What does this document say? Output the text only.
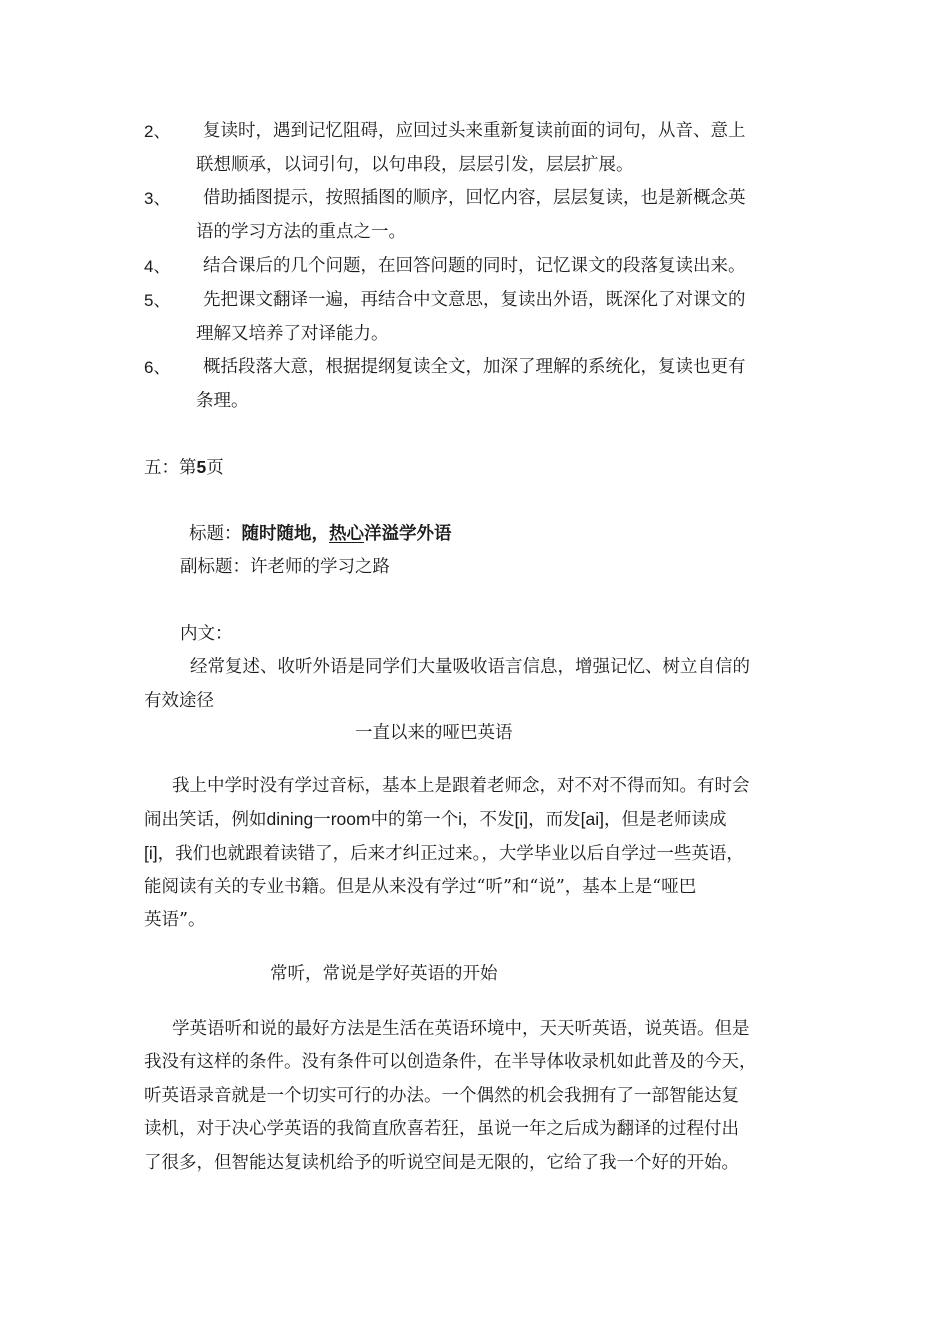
2、 复读时，遇到记忆阻碍，应回过头来重新复读前面的词句，从音、意上
联想顺承，以词引句，以句串段，层层引发，层层扩展。
3、 借助插图提示，按照插图的顺序，回忆内容，层层复读，也是新概念英
语的学习方法的重点之一。
4、 结合课后的几个问题，在回答问题的同时，记忆课文的段落复读出来。
5、 先把课文翻译一遍，再结合中文意思，复读出外语，既深化了对课文的
理解又培养了对译能力。
6、 概括段落大意，根据提纲复读全文，加深了理解的系统化，复读也更有
条理。
五：第5页
标题：随时随地，热心洋溢学外语
副标题：许老师的学习之路
内文：
经常复述、收听外语是同学们大量吸收语言信息，增强记忆、树立自信的
有效途径
一直以来的哑巴英语
我上中学时没有学过音标，基本上是跟着老师念，对不对不得而知。有时会
闹出笑话，例如dining一room中的第一个i，不发[i]，而发[ai]，但是老师读成
[i]，我们也就跟着读错了，后来才纠正过来。，大学毕业以后自学过一些英语，
能阅读有关的专业书籍。但是从来没有学过“听”和“说”，基本上是“哑巴
英语”。
常听，常说是学好英语的开始
学英语听和说的最好方法是生活在英语环境中，天天听英语，说英语。但是
我没有这样的条件。没有条件可以创造条件，在半导体收录机如此普及的今天，
听英语录音就是一个切实可行的办法。一个偶然的机会我拥有了一部智能达复
读机，对于决心学英语的我简直欣喜若狂，虽说一年之后成为翻译的过程付出
了很多，但智能达复读机给予的听说空间是无限的，它给了我一个好的开始。
